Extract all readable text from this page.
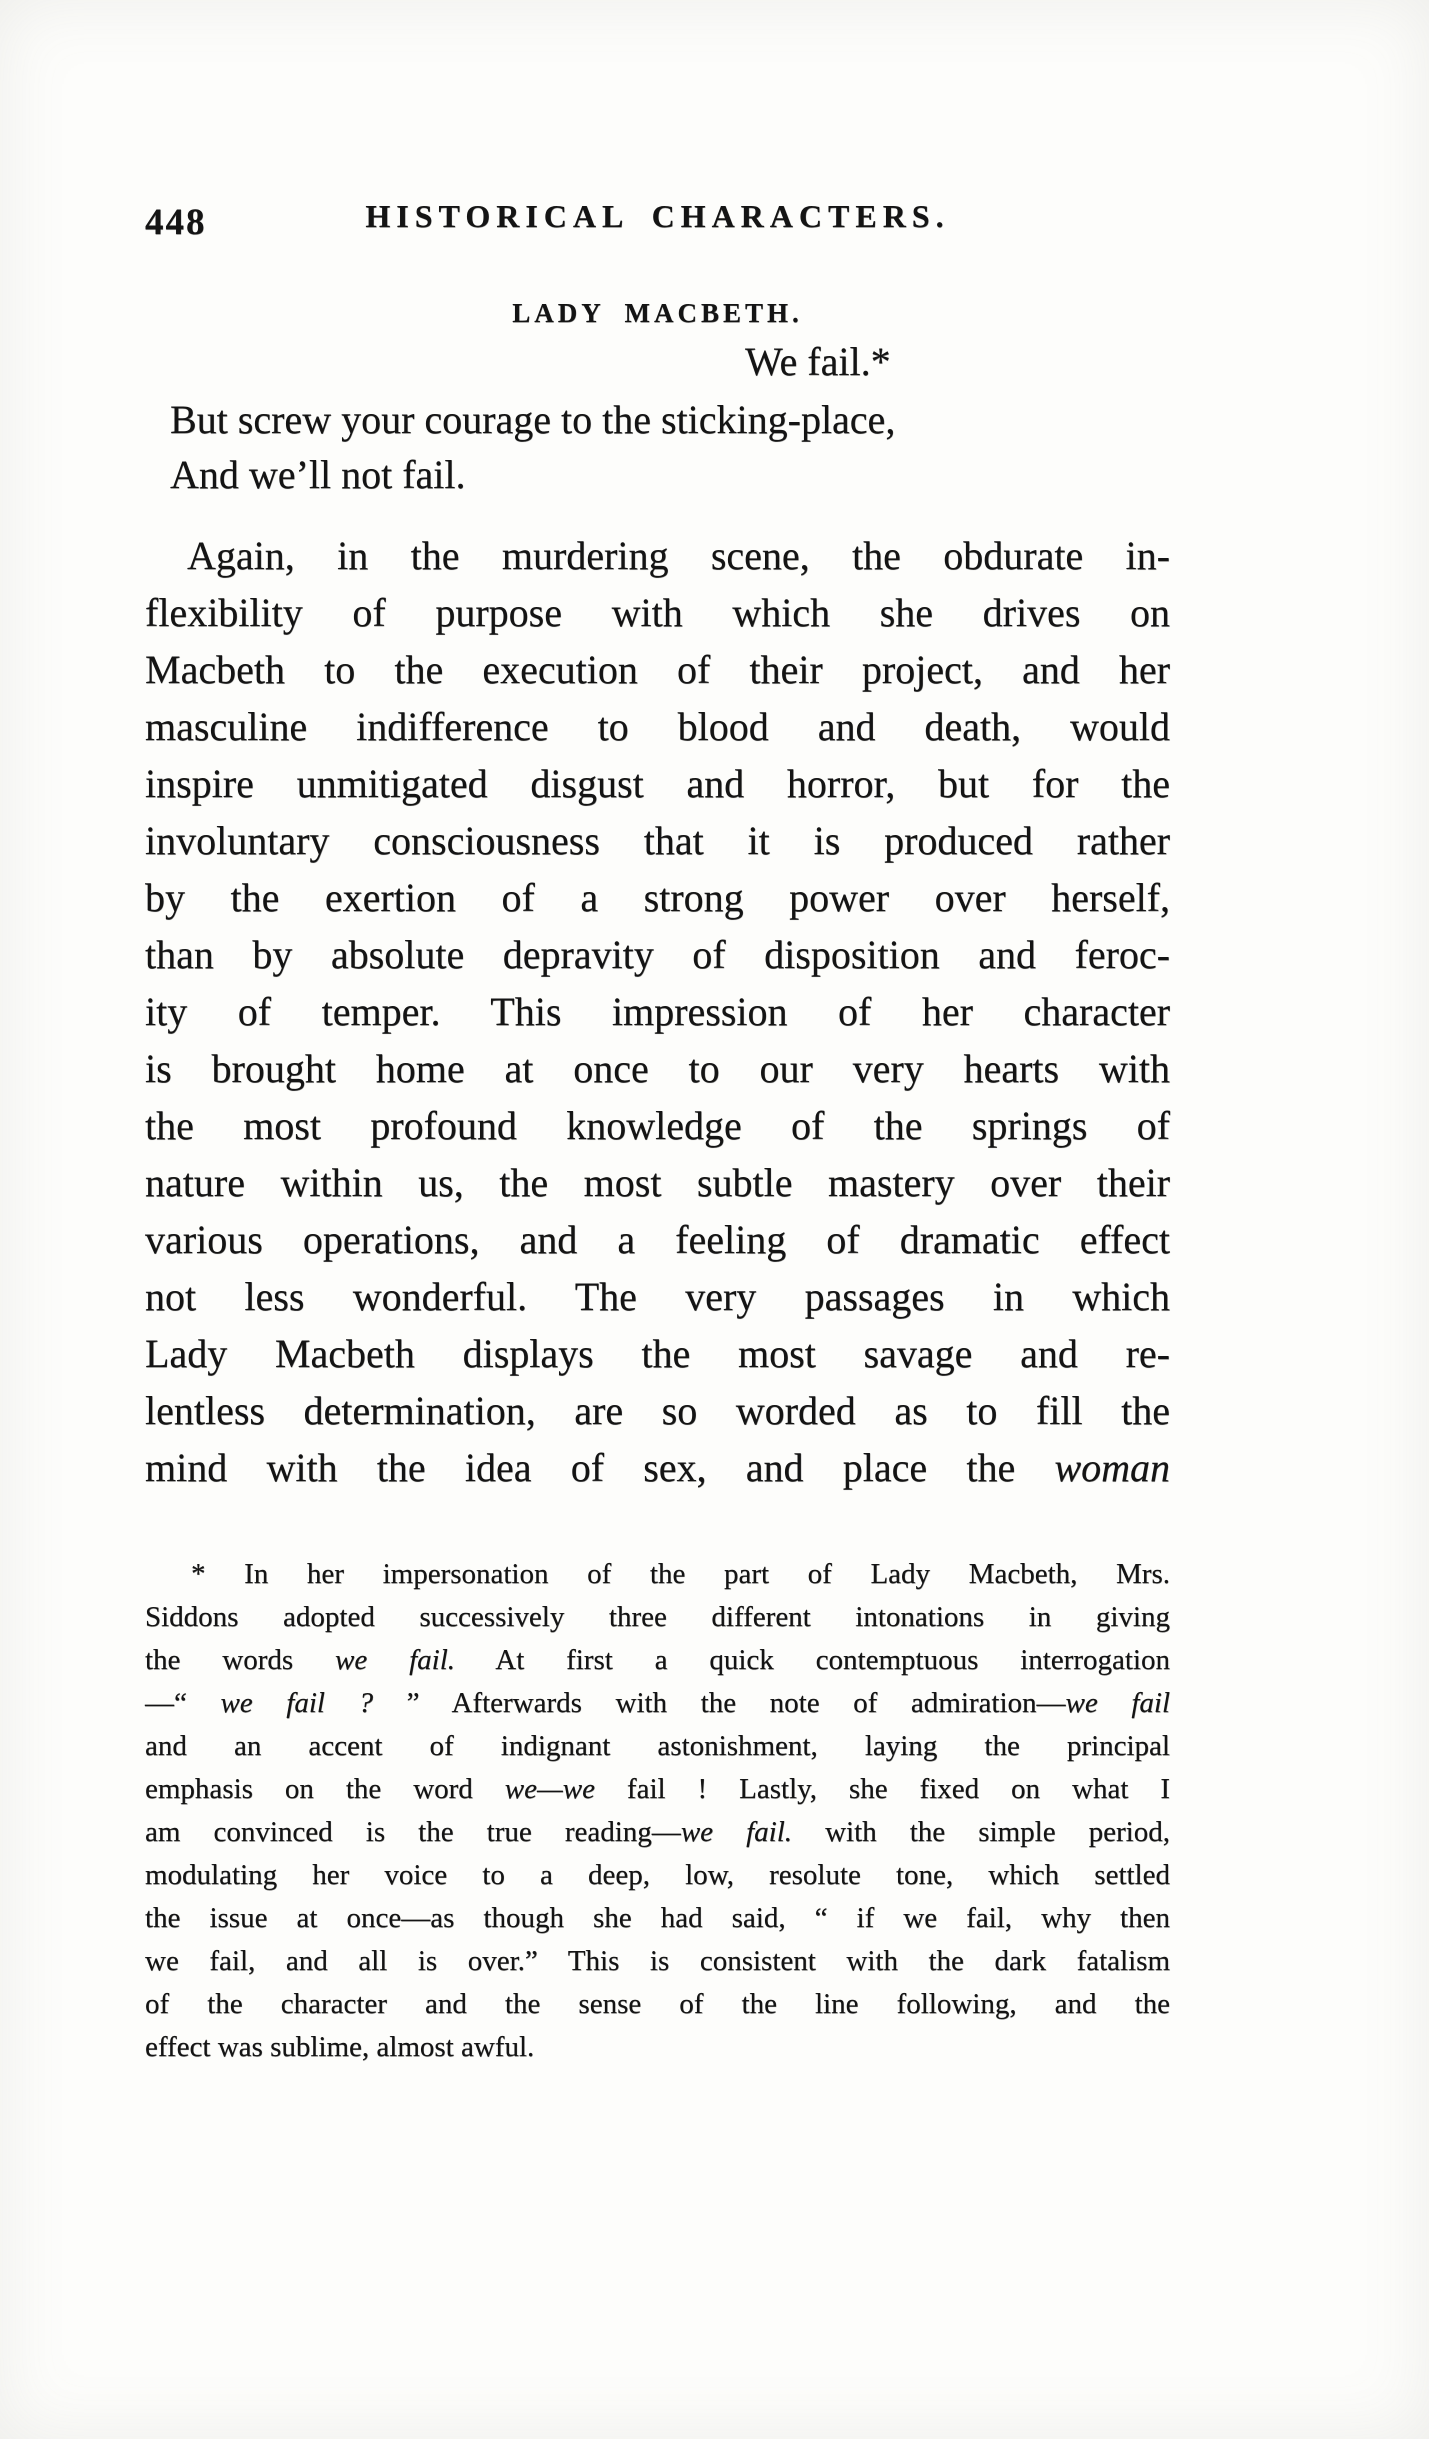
448	HISTORICAL CHARACTERS.
LADY MACBETH.
We fail.*
But screw your courage to the sticking-place,
And we’ll not fail.
Again, in the murdering scene, the obdurate in-
flexibility of purpose with which she drives on
Macbeth to the execution of their project, and her
masculine indifference to blood and death, would
inspire unmitigated disgust and horror, but for the
involuntary consciousness that it is produced rather
by the exertion of a strong power over herself,
than by absolute depravity of disposition and feroc-
ity of temper. This impression of her character
is brought home at once to our very hearts with
the most profound knowledge of the springs of
nature within us, the most subtle mastery over their
various operations, and a feeling of dramatic effect
not less wonderful. The very passages in which
Lady Macbeth displays the most savage and re-
lentless determination, are so worded as to fill the
mind with the idea of sex, and place the woman
* In her impersonation of the part of Lady Macbeth, Mrs.
Siddons adopted successively three different intonations in giving
the words we fail. At first a quick contemptuous interrogation
—“ we fail ? ” Afterwards with the note of admiration—we fail
and an accent of indignant astonishment, laying the principal
emphasis on the word we—we fail ! Lastly, she fixed on what I
am convinced is the true reading—we fail. with the simple period,
modulating her voice to a deep, low, resolute tone, which settled
the issue at once—as though she had said, “ if we fail, why then
we fail, and all is over.” This is consistent with the dark fatalism
of the character and the sense of the line following, and the
effect was sublime, almost awful.
